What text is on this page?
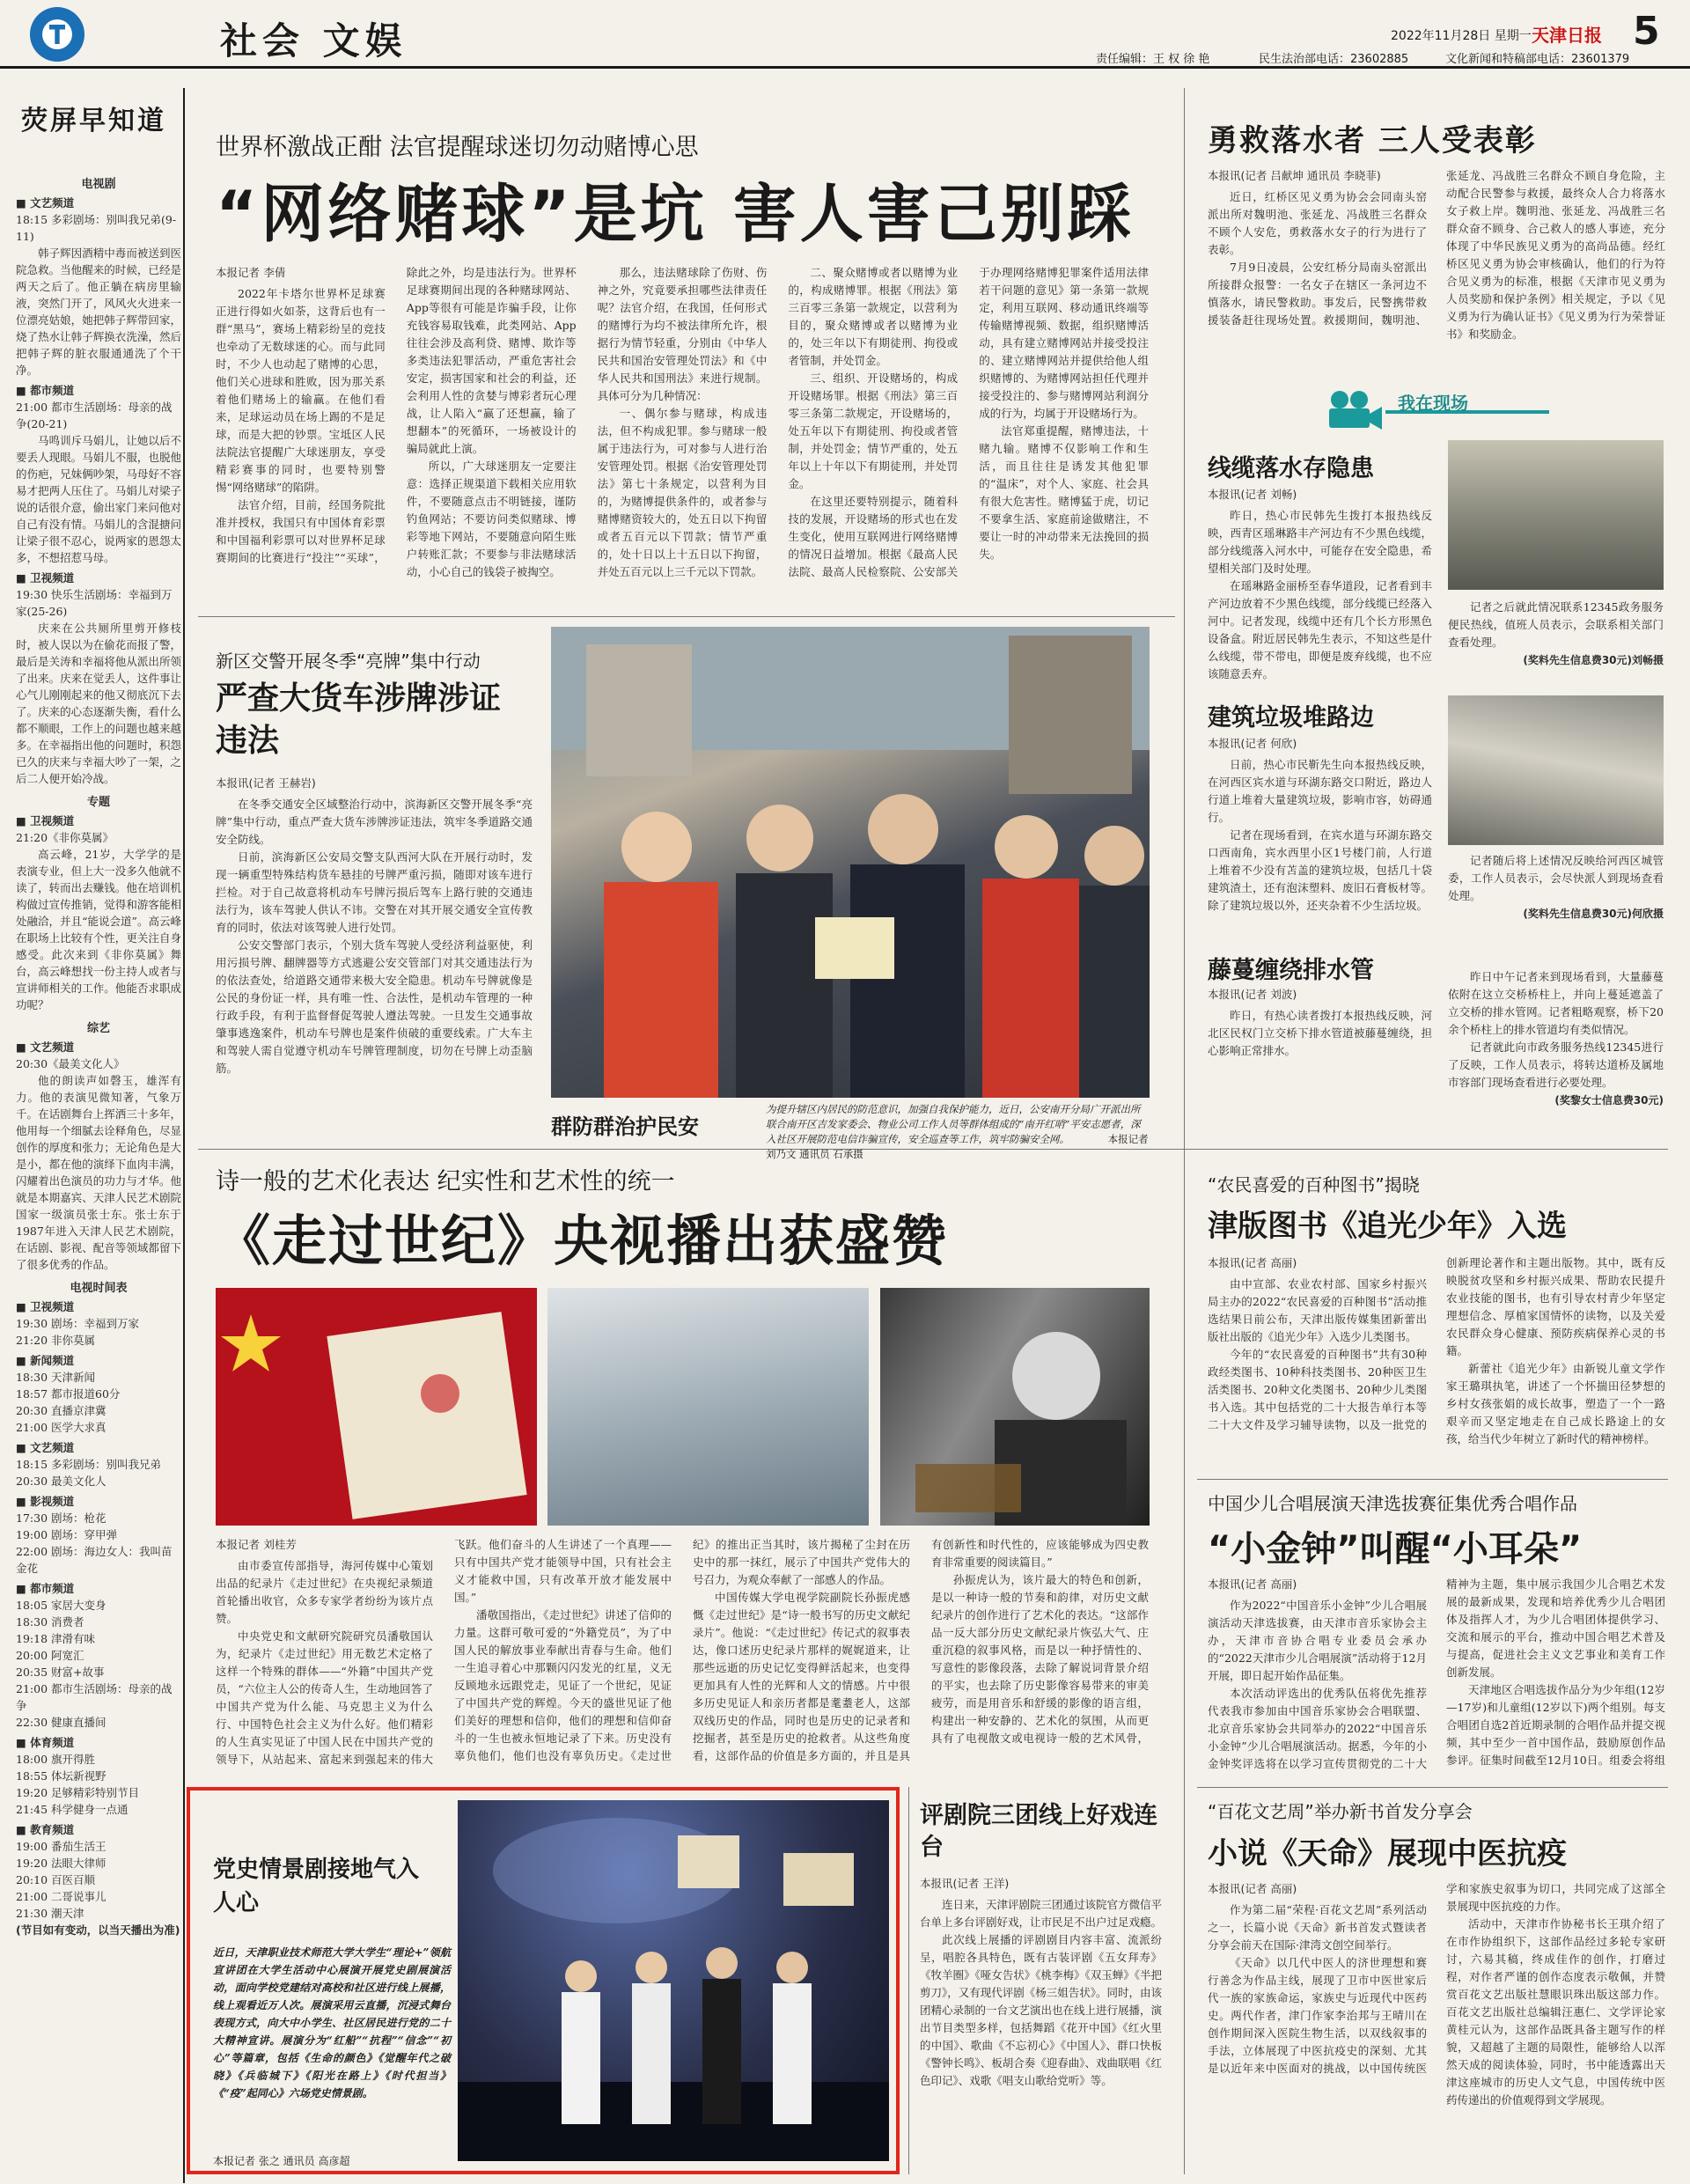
社会 文娱	责任编辑：王 权 徐 艳	民生法治部电话：23602885	文化新闻和特稿部电话：23601379
2022年11月28日 星期一 天津日报 5
荧屏早知道
电视剧
■ 文艺频道
18:15 多彩剧场：别叫我兄弟(9-11)
韩子辉因酒精中毒而被送到医院急救。当他醒来的时候，已经是两天之后了。他正躺在病房里输液，突然门开了，风风火火进来一位漂亮姑娘，她把韩子辉带回家，烧了热水让韩子辉换衣洗澡，然后把韩子辉的脏衣服通通洗了个干净。
■ 都市频道
21:00 都市生活剧场：母亲的战争(20-21)
马鸣训斥马娟儿，让她以后不要丢人现眼。马娟儿不服，也脱他的伤疤，兄妹俩吵架，马母好不容易才把两人压住了。马娟儿对梁子说的话很介意，偷出家门来问他对自己有没有情。马娟儿的含混搪问让梁子很不忍心，说两家的恩怨太多，不想招惹马母。
■ 卫视频道
19:30 快乐生活剧场：幸福到万家(25-26)
庆来在公共厕所里剪开修枝时，被人误以为在偷花而报了警，最后是关涛和幸福将他从派出所领了出来。庆来在觉丢人，这件事让心气儿刚刚起来的他又彻底沉下去了。庆来的心态逐渐失衡，看什么都不顺眼，工作上的问题也越来越多。在幸福指出他的问题时，积怨已久的庆来与幸福大吵了一架，之后二人便开始冷战。
专题
■ 卫视频道
21:20《非你莫属》
高云峰，21岁，大学学的是表演专业，但上大一没多久他就不读了，转而出去赚钱。他在培训机构做过宣传推销，觉得和游客能相处融洽，并且“能说会道”。高云峰在职场上比较有个性，更关注自身感受。此次来到《非你莫属》舞台，高云峰想找一份主持人或者与宣讲师相关的工作。他能否求职成功呢？
综艺
■ 文艺频道
20:30《最美文化人》
他的朗读声如磬玉，雄浑有力。他的表演见微知著，气象万千。在话剧舞台上挥洒三十多年，他用每一个细腻去诠释角色，尽显创作的厚度和张力；无论角色是大是小，都在他的演绎下血肉丰满，闪耀着出色演员的功力与才华。他就是本期嘉宾、天津人民艺术剧院国家一级演员张士东。张士东于1987年进入天津人民艺术剧院，在话剧、影视、配音等领域都留下了很多优秀的作品。
电视时间表
■ 卫视频道
19:30 剧场：幸福到万家
21:20 非你莫属
■ 新闻频道
18:30 天津新闻
18:57 都市报道60分
20:30 直播京津冀
21:00 医学大求真
■ 文艺频道
18:15 多彩剧场：别叫我兄弟
20:30 最美文化人
■ 影视频道
17:30 剧场：枪花
19:00 剧场：穿甲弹
22:00 剧场：海边女人：我叫苗金花
■ 都市频道
18:05 家居大变身
18:30 消费者
19:18 津滑有味
20:00 阿宽汇
20:35 财富+故事
21:00 都市生活剧场：母亲的战争
22:30 健康直播间
■ 体育频道
18:00 旗开得胜
18:55 体坛新视野
19:20 足够精彩特别节目
21:45 科学健身一点通
■ 教育频道
19:00 番茄生活王
19:20 法眼大律师
20:10 百医百顺
21:00 二哥说事儿
21:30 潮天津
(节目如有变动，以当天播出为准)
世界杯激战正酣 法官提醒球迷切勿动赌博心思
“网络赌球”是坑 害人害己别踩
本报记者 李倩

2022年卡塔尔世界杯足球赛正进行得如火如荼，这背后也有一群“黑马”，赛场上精彩纷呈的竞技也牵动了无数球迷的心。而与此同时，不少人也动起了赌博的心思，他们关心进球和胜败，因为那关系着他们赌场上的输赢。在他们看来，足球运动员在场上踢的不是足球，而是大把的钞票。宝坻区人民法院法官提醒广大球迷朋友，享受精彩赛事的同时，也要特别警惕“网络赌球”的陷阱。

法官介绍，目前，经国务院批准并授权，我国只有中国体育彩票和中国福利彩票可以对世界杯足球赛期间的比赛进行“投注”“买球”，除此之外，均是违法行为。世界杯足球赛期间出现的各种赌球网站、App等很有可能是诈骗手段，让你充钱容易取钱难，此类网站、App往往会涉及高利贷、赌博、欺诈等多类违法犯罪活动，严重危害社会安定，损害国家和社会的利益，还会利用人性的贪婪与博彩者玩心理战，让人陷入“赢了还想赢，输了想翻本”的死循环，一场被设计的骗局就此上演。

所以，广大球迷朋友一定要注意：选择正规渠道下载相关应用软件，不要随意点击不明链接，谨防钓鱼网站；不要访问类似赌球、博彩等地下网站，不要随意向陌生账户转账汇款；不要参与非法赌球活动，小心自己的钱袋子被掏空。

那么，违法赌球除了伤财、伤神之外，究竟要承担哪些法律责任呢？法官介绍，在我国，任何形式的赌博行为均不被法律所允许，根据行为情节轻重，分别由《中华人民共和国治安管理处罚法》和《中华人民共和国刑法》来进行规制。具体可分为几种情况：

一、偶尔参与赌球，构成违法，但不构成犯罪。参与赌球一般属于违法行为，可对参与人进行治安管理处罚。根据《治安管理处罚法》第七十条规定，以营利为目的，为赌博提供条件的，或者参与赌博赌资较大的，处五日以下拘留或者五百元以下罚款；情节严重的，处十日以上十五日以下拘留，并处五百元以上三千元以下罚款。

二、聚众赌博或者以赌博为业的，构成赌博罪。根据《刑法》第三百零三条第一款规定，以营利为目的，聚众赌博或者以赌博为业的，处三年以下有期徒刑、拘役或者管制，并处罚金。

三、组织、开设赌场的，构成开设赌场罪。根据《刑法》第三百零三条第二款规定，开设赌场的，处五年以下有期徒刑、拘役或者管制，并处罚金；情节严重的，处五年以上十年以下有期徒刑，并处罚金。

在这里还要特别提示，随着科技的发展，开设赌场的形式也在发生变化，使用互联网进行网络赌博的情况日益增加。根据《最高人民法院、最高人民检察院、公安部关于办理网络赌博犯罪案件适用法律若干问题的意见》第一条第一款规定，利用互联网、移动通讯终端等传输赌博视频、数据，组织赌博活动，具有建立赌博网站并接受投注的、建立赌博网站并提供给他人组织赌博的、为赌博网站担任代理并接受投注的、参与赌博网站利润分成的行为，均属于开设赌场行为。

法官郑重提醒，赌博违法，十赌九输。赌博不仅影响工作和生活，而且往往是诱发其他犯罪的“温床”，对个人、家庭、社会具有很大危害性。赌博猛于虎，切记不要拿生活、家庭前途做赌注，不要让一时的冲动带来无法挽回的损失。

新区交警开展冬季“亮牌”集中行动
严查大货车涉牌涉证违法
本报讯(记者 王赫岩)

在冬季交通安全区域整治行动中，滨海新区交警开展冬季“亮牌”集中行动，重点严查大货车涉牌涉证违法，筑牢冬季道路交通安全防线。

日前，滨海新区公安局交警支队西河大队在开展行动时，发现一辆重型特殊结构货车悬挂的号牌严重污损，随即对该车进行拦检。对于自己故意将机动车号牌污损后驾车上路行驶的交通违法行为，该车驾驶人供认不讳。交警在对其开展交通安全宣传教育的同时，依法对该驾驶人进行处罚。

公安交警部门表示，个别大货车驾驶人受经济利益驱使，利用污损号牌、翻牌器等方式逃避公安交管部门对其交通违法行为的依法查处，给道路交通带来极大安全隐患。机动车号牌就像是公民的身份证一样，具有唯一性、合法性，是机动车管理的一种行政手段，有利于监督督促驾驶人遵法驾驶。一旦发生交通事故肇事逃逸案件，机动车号牌也是案件侦破的重要线索。广大车主和驾驶人需自觉遵守机动车号牌管理制度，切勿在号牌上动歪脑筋。

群防群治护民安
为提升辖区内居民的防范意识，加强自我保护能力，近日，公安南开分局广开派出所联合南开区吉发家委会、物业公司工作人员等群体组成的“南开红哨”平安志愿者，深入社区开展防范电信诈骗宣传，安全巡查等工作，筑牢防骗安全网。	本报记者 刘乃文 通讯员 石承摄
勇救落水者 三人受表彰
本报讯(记者 吕献坤 通讯员 李晓菲)

近日，红桥区见义勇为协会会同南头窑派出所对魏明池、张延龙、冯战胜三名群众不顾个人安危，勇救落水女子的行为进行了表彰。

7月9日凌晨，公安红桥分局南头窑派出所接群众报警：一名女子在辖区一条河边不慎落水，请民警救助。事发后，民警携带救援装备赶往现场处置。救援期间，魏明池、张延龙、冯战胜三名群众不顾自身危险，主动配合民警参与救援，最终众人合力将落水女子救上岸。魏明池、张延龙、冯战胜三名群众奋不顾身、合己救人的感人事迹，充分体现了中华民族见义勇为的高尚品德。经红桥区见义勇为协会审核确认，他们的行为符合见义勇为的标准，根据《天津市见义勇为人员奖励和保护条例》相关规定，予以《见义勇为行为确认证书》《见义勇为行为荣誉证书》和奖励金。

我在现场
线缆落水存隐患
本报讯(记者 刘畅)

昨日，热心市民韩先生拨打本报热线反映，西青区瑶琳路丰产河边有不少黑色线缆，部分线缆落入河水中，可能存在安全隐患，希望相关部门及时处理。

在瑶琳路金丽桥至春华道段，记者看到丰产河边放着不少黑色线缆，部分线缆已经落入河中。记者发现，线缆中还有几个长方形黑色设备盒。附近居民韩先生表示，不知这些是什么线缆，带不带电，即便是废弃线缆，也不应该随意丢弃。

记者之后就此情况联系12345政务服务便民热线，值班人员表示，会联系相关部门查看处理。

(奖料先生信息费30元)刘畅摄
建筑垃圾堆路边
本报讯(记者 何欣)

日前，热心市民靳先生向本报热线反映，在河西区宾水道与环湖东路交口附近，路边人行道上堆着大量建筑垃圾，影响市容，妨碍通行。

记者在现场看到，在宾水道与环湖东路交口西南角，宾水西里小区1号楼门前，人行道上堆着不少没有苫盖的建筑垃圾，包括几十袋建筑渣土，还有泡沫塑料、废旧石膏板材等。除了建筑垃圾以外，还夹杂着不少生活垃圾。

记者随后将上述情况反映给河西区城管委，工作人员表示，会尽快派人到现场查看处理。

(奖料先生信息费30元)何欣摄
藤蔓缠绕排水管
本报讯(记者 刘波)

昨日，有热心读者拨打本报热线反映，河北区民权门立交桥下排水管道被藤蔓缠绕，担心影响正常排水。

昨日中午记者来到现场看到，大量藤蔓依附在这立交桥桥柱上，并向上蔓延遮盖了立交桥的排水管网。记者粗略观察，桥下20余个桥柱上的排水管道均有类似情况。

记者就此向市政务服务热线12345进行了反映，工作人员表示，将转达道桥及属地市容部门现场查看进行必要处理。

(奖黎女士信息费30元)
诗一般的艺术化表达 纪实性和艺术性的统一
《走过世纪》央视播出获盛赞
本报记者 刘桂芳

由市委宣传部指导，海河传媒中心策划出品的纪录片《走过世纪》在央视纪录频道首轮播出收官，众多专家学者纷纷为该片点赞。

中央党史和文献研究院研究员潘敬国认为，纪录片《走过世纪》用无数艺术定格了这样一个特殊的群体——“外籍”中国共产党员，“六位主人公的传奇人生，生动地回答了中国共产党为什么能、马克思主义为什么行、中国特色社会主义为什么好。他们精彩的人生真实见证了中国人民在中国共产党的领导下，从站起来、富起来到强起来的伟大飞跃。他们奋斗的人生讲述了一个真理——只有中国共产党才能领导中国，只有社会主义才能救中国，只有改革开放才能发展中国。”

潘敬国指出，《走过世纪》讲述了信仰的力量。这群可敬可爱的“外籍党员”，为了中国人民的解放事业奉献出青春与生命。他们一生追寻着心中那颗闪闪发光的红星，义无反顾地永远跟党走，见证了一个世纪，见证了中国共产党的辉煌。今天的盛世见证了他们美好的理想和信仰，他们的理想和信仰奋斗的一生也被永恒地记录了下来。历史没有辜负他们，他们也没有辜负历史。《走过世纪》的推出正当其时，该片揭秘了尘封在历史中的那一抹红，展示了中国共产党伟大的号召力，为观众奉献了一部感人的作品。

中国传媒大学电视学院副院长孙振虎感慨《走过世纪》是“诗一般书写的历史文献纪录片”。他说：“《走过世纪》传记式的叙事表达，像口述历史纪录片那样的娓娓道来，让那些远逝的历史记忆变得鲜活起来，也变得更加具有人性的光辉和人文的情感。片中很多历史见证人和亲历者都是耄耋老人，这部双线历史的作品，同时也是历史的记录者和挖掘者，甚至是历史的抢救者。从这些角度看，这部作品的价值是多方面的，并且是具有创新性和时代性的，应该能够成为四史教育非常重要的阅读篇目。”

孙振虎认为，该片最大的特色和创新，是以一种诗一般的节奏和韵律，对历史文献纪录片的创作进行了艺术化的表达。“这部作品一反大部分历史文献纪录片恢弘大气、庄重沉稳的叙事风格，而是以一种抒情性的、写意性的影像段落，去除了解说词背景介绍的平实，也去除了历史影像容易带来的审美疲劳，而是用音乐和舒缓的影像的语言组，构建出一种安静的、艺术化的氛围，从而更具有了电视散文或电视诗一般的艺术风骨，

“农民喜爱的百种图书”揭晓
津版图书《追光少年》入选
本报讯(记者 高丽)

由中宣部、农业农村部、国家乡村振兴局主办的2022“农民喜爱的百种图书”活动推选结果日前公布，天津出版传媒集团新蕾出版社出版的《追光少年》入选少儿类图书。

今年的“农民喜爱的百种图书”共有30种政经类图书、10种科技类图书、20种医卫生活类图书、20种文化类图书、20种少儿类图书入选。其中包括党的二十大报告单行本等二十大文件及学习辅导读物，以及一批党的创新理论著作和主题出版物。其中，既有反映脱贫攻坚和乡村振兴成果、帮助农民提升农业技能的图书，也有引导农村青少年坚定理想信念、厚植家国情怀的读物，以及关爱农民群众身心健康、预防疾病保养心灵的书籍。

新蕾社《追光少年》由新锐儿童文学作家王璐琪执笔，讲述了一个怀揣田径梦想的乡村女孩张娟的成长故事，塑造了一个一路艰辛而又坚定地走在自己成长路途上的女孩，给当代少年树立了新时代的精神榜样。

中国少儿合唱展演天津选拔赛征集优秀合唱作品
“小金钟”叫醒“小耳朵”
本报讯(记者 高丽)

作为2022“中国音乐小金钟”少儿合唱展演活动天津选拔赛，由天津市音乐家协会主办，天津市音协合唱专业委员会承办的“2022天津市少儿合唱展演”活动将于12月开展，即日起开始作品征集。

本次活动评选出的优秀队伍将优先推荐代表我市参加由中国音乐家协会合唱联盟、北京音乐家协会共同举办的2022“中国音乐小金钟”少儿合唱展演活动。据悉，今年的小金钟奖评选将在以学习宣传贯彻党的二十大精神为主题，集中展示我国少儿合唱艺术发展的最新成果，发现和培养优秀少儿合唱团体及指挥人才，为少儿合唱团体提供学习、交流和展示的平台，推动中国合唱艺术普及与提高，促进社会主义文艺事业和美育工作创新发展。

天津地区合唱选拔作品分为少年组(12岁—17岁)和儿童组(12岁以下)两个组别。每支合唱团自选2首近期录制的合唱作品并提交视频，其中至少一首中国作品，鼓励原创作品参评。征集时间截至12月10日。组委会将组

“百花文艺周”举办新书首发分享会
小说《天命》展现中医抗疫
本报讯(记者 高丽)

作为第二届“荣程·百花文艺周”系列活动之一，长篇小说《天命》新书首发式暨读者分享会前天在国际·津湾文创空间举行。

《天命》以几代中医人的济世理想和赛行善念为作品主线，展现了卫市中医世家后代一族的家族命运，家族史与近现代中医药史。两代作者，津门作家李治邦与王晴川在创作期间深入医院生物生活，以双线叙事的手法，立体展现了中医抗疫史的深刻、尤其是以近年来中医面对的挑战，以中国传统医学和家族史叙事为切口，共同完成了这部全景展现中医抗疫的力作。

活动中，天津市作协秘书长王琪介绍了在市作协组织下，这部作品经过多轮专家研讨，六易其稿，终成佳作的创作，打磨过程，对作者严谨的创作态度表示敬佩，并赞赏百花文艺出版社慧眼识珠出版这部力作。百花文艺出版社总编辑汪惠仁、文学评论家黄桂元认为，这部作品既具备主题写作的样貌，又超越了主题的局限性，能够给人以浑然天成的阅读体验，同时，书中能透露出天津这座城市的历史人文气息，中国传统中医药传递出的价值观得到文学展现。

党史情景剧接地气入人心
近日，天津职业技术师范大学大学生“理论+”领航宣讲团在大学生活动中心展演开展党史剧展演活动，面向学校党建结对高校和社区进行线上展播，线上观看近万人次。展演采用云直播，沉浸式舞台表现方式，向大中小学生、社区居民进行党的二十大精神宣讲。展演分为“红船”“抗程”“信念”“初心”等篇章，包括《生命的颜色》《觉醒年代之破晓》《兵临城下》《阳光在路上》《时代担当》《“疫”起同心》六场党史情景剧。
本报记者 张之 通讯员 高彦超
评剧院三团线上好戏连台
本报讯(记者 王洋)

连日来，天津评剧院三团通过该院官方微信平台单上多台评剧好戏，让市民足不出户过足戏瘾。

此次线上展播的评剧剧目内容丰富、流派纷呈，唱腔各具特色，既有古装评剧《五女拜寿》《牧羊圈》《哑女告状》《桃李梅》《双玉蝉》《半把剪刀》，又有现代评剧《杨三姐告状》。同时，由该团精心录制的一台文艺演出也在线上进行展播，演出节目类型多样，包括舞蹈《花开中国》《红火里的中国》、歌曲《不忘初心》《中国人》、群口快板《警钟长鸣》、板胡合奏《迎春曲》、戏曲联唱《红色印记》、戏歌《唱支山歌给党听》等。
